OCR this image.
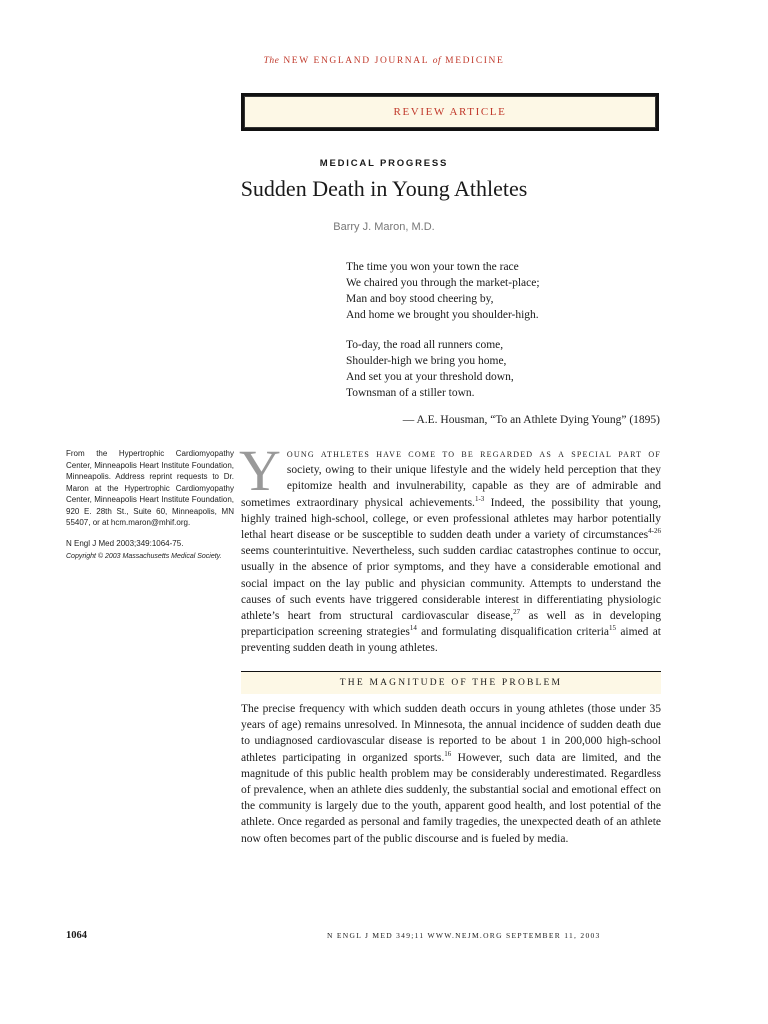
The NEW ENGLAND JOURNAL of MEDICINE
REVIEW ARTICLE
MEDICAL PROGRESS
Sudden Death in Young Athletes
Barry J. Maron, M.D.
The time you won your town the race
We chaired you through the market-place;
Man and boy stood cheering by,
And home we brought you shoulder-high.
To-day, the road all runners come,
Shoulder-high we bring you home,
And set you at your threshold down,
Townsman of a stiller town.
— A.E. Housman, “To an Athlete Dying Young” (1895)
From the Hypertrophic Cardiomyopathy Center, Minneapolis Heart Institute Foundation, Minneapolis. Address reprint requests to Dr. Maron at the Hypertrophic Cardiomyopathy Center, Minneapolis Heart Institute Foundation, 920 E. 28th St., Suite 60, Minneapolis, MN 55407, or at hcm.maron@mhif.org.
N Engl J Med 2003;349:1064-75.
Copyright © 2003 Massachusetts Medical Society.
Young athletes have come to be regarded as a special part of society, owing to their unique lifestyle and the widely held perception that they epitomize health and invulnerability, capable as they are of admirable and sometimes extraordinary physical achievements.$^{1-3}$ Indeed, the possibility that young, highly trained high-school, college, or even professional athletes may harbor potentially lethal heart disease or be susceptible to sudden death under a variety of circumstances$^{4-26}$ seems counterintuitive. Nevertheless, such sudden cardiac catastrophes continue to occur, usually in the absence of prior symptoms, and they have a considerable emotional and social impact on the lay public and physician community. Attempts to understand the causes of such events have triggered considerable interest in differentiating physiologic athlete’s heart from structural cardiovascular disease,$^{27}$ as well as in developing preparticipation screening strategies$^{14}$ and formulating disqualification criteria$^{15}$ aimed at preventing sudden death in young athletes.
THE MAGNITUDE OF THE PROBLEM
The precise frequency with which sudden death occurs in young athletes (those under 35 years of age) remains unresolved. In Minnesota, the annual incidence of sudden death due to undiagnosed cardiovascular disease is reported to be about 1 in 200,000 high-school athletes participating in organized sports.$^{16}$ However, such data are limited, and the magnitude of this public health problem may be considerably underestimated. Regardless of prevalence, when an athlete dies suddenly, the substantial social and emotional effect on the community is largely due to the youth, apparent good health, and lost potential of the athlete. Once regarded as personal and family tragedies, the unexpected death of an athlete now often becomes part of the public discourse and is fueled by media.
1064	N ENGL J MED 349;11 WWW.NEJM.ORG SEPTEMBER 11, 2003
